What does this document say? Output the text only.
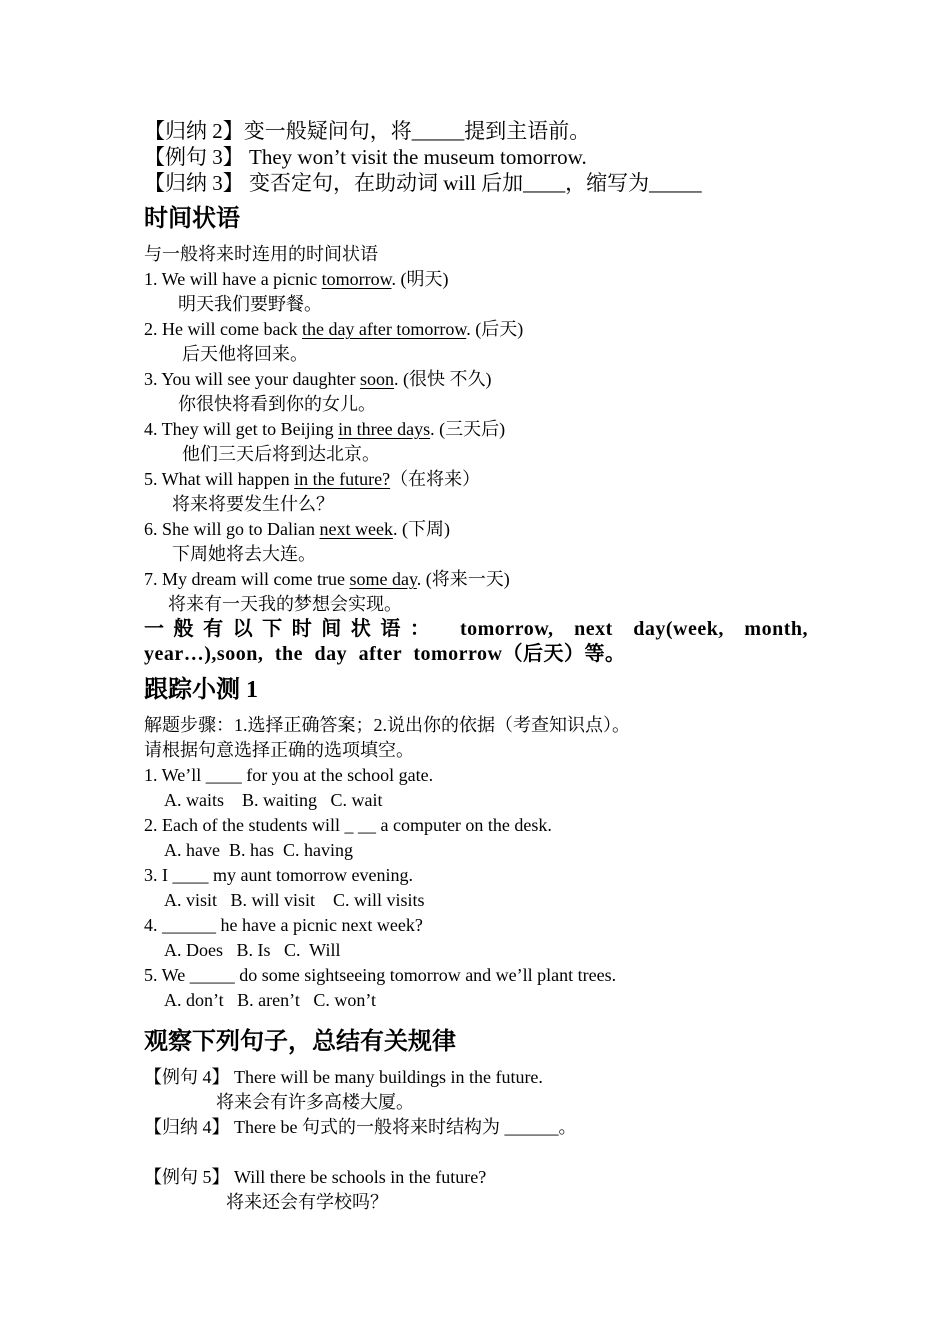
【归纳 2】变一般疑问句，将_____提到主语前。
【例句 3】 They won’t visit the museum tomorrow.
【归纳 3】 变否定句，在助动词 will 后加____，缩写为_____
时间状语
与一般将来时连用的时间状语
1. We will have a picnic tomorrow. (明天)
明天我们要野餐。
2. He will come back the day after tomorrow. (后天)
后天他将回来。
3. You will see your daughter soon. (很快 不久)
你很快将看到你的女儿。
4. They will get to Beijing in three days. (三天后)
他们三天后将到达北京。
5. What will happen in the future?（在将来）
将来将要发生什么？
6. She will go to Dalian next week. (下周)
下周她将去大连。
7. My dream will come true some day. (将来一天)
将来有一天我的梦想会实现。
一般有以下时间状语： tomorrow, next day(week, month, year…),soon, the day after tomorrow（后天）等。
跟踪小测 1
解题步骤：1.选择正确答案；2.说出你的依据（考查知识点）。
请根据句意选择正确的选项填空。
1. We’ll ____ for you at the school gate.
A. waits    B. waiting   C. wait
2. Each of the students will _ __ a computer on the desk.
A. have  B. has  C. having
3. I ____ my aunt tomorrow evening.
A. visit   B. will visit    C. will visits
4. ______ he have a picnic next week?
A. Does   B. Is   C.  Will
5. We _____ do some sightseeing tomorrow and we’ll plant trees.
A. don’t   B. aren’t   C. won’t
观察下列句子，总结有关规律
【例句 4】 There will be many buildings in the future.
将来会有许多高楼大厦。
【归纳 4】 There be 句式的一般将来时结构为 ______。
【例句 5】 Will there be schools in the future?
将来还会有学校吗？
